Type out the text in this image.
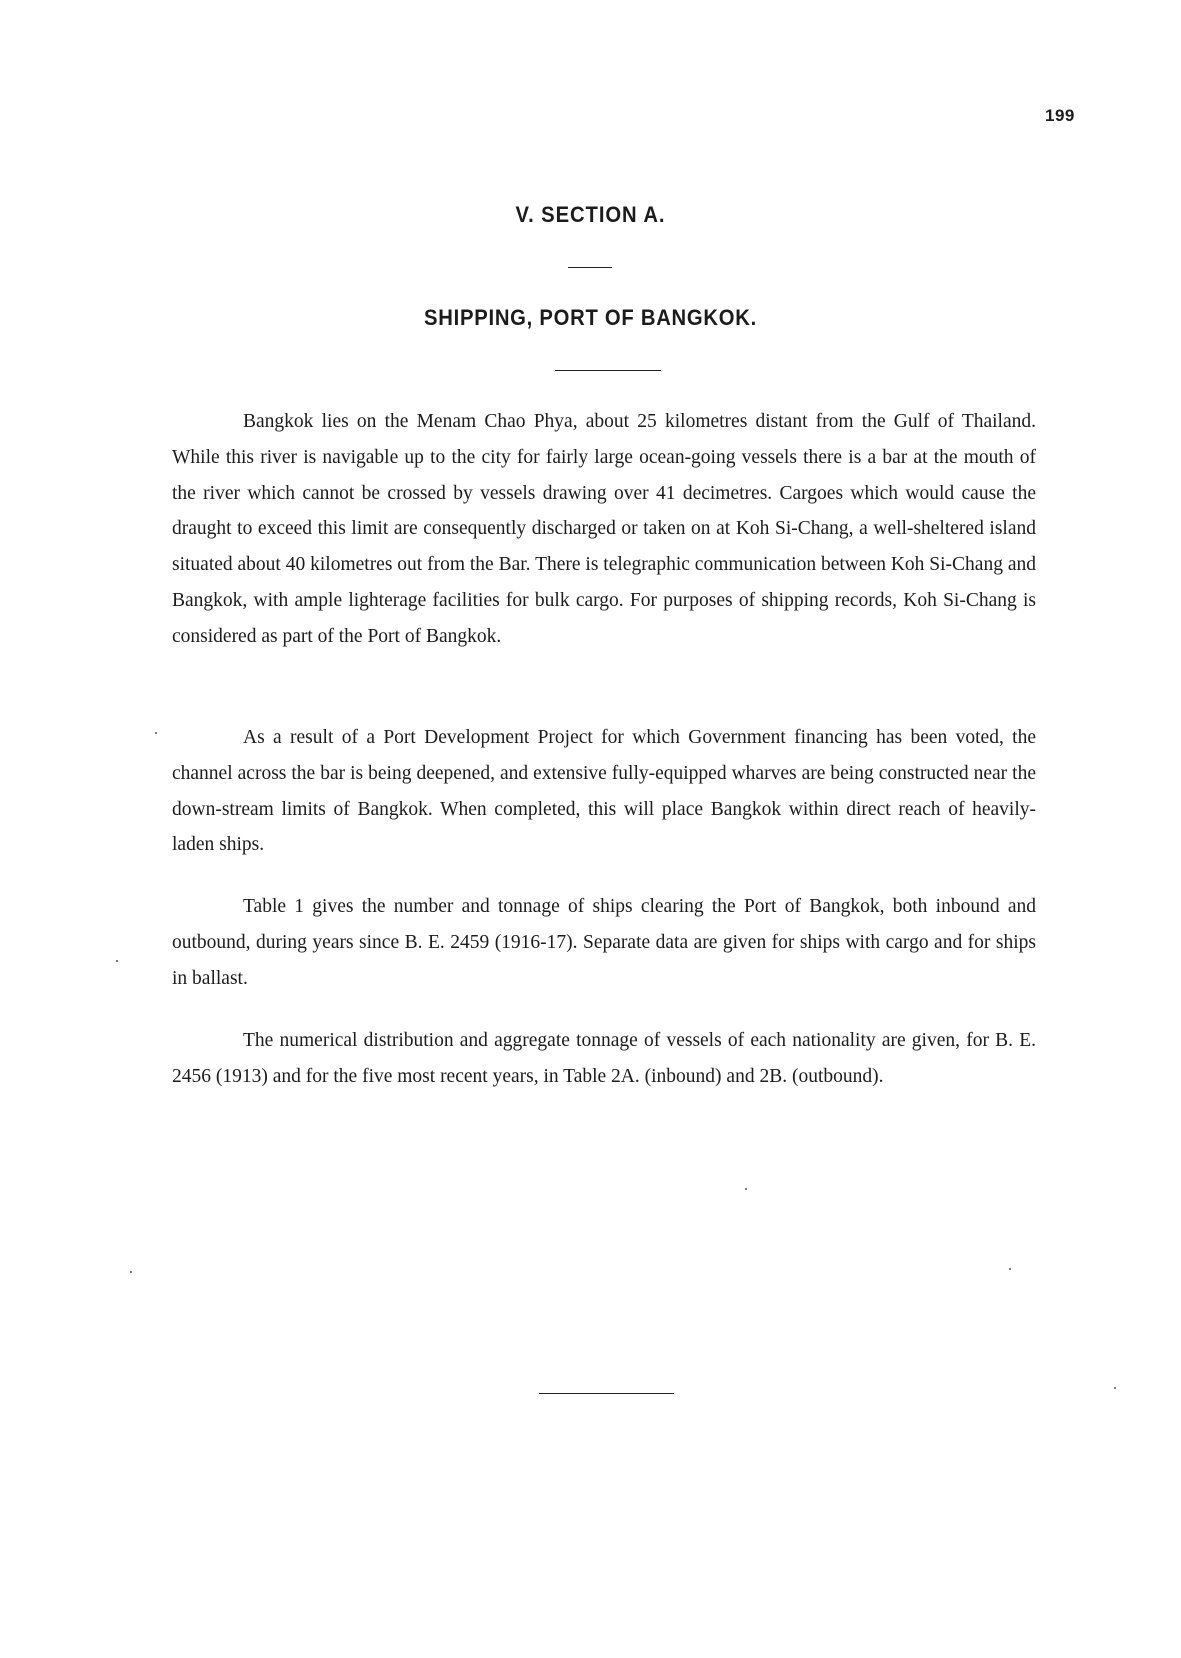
199
V. SECTION A.
SHIPPING, PORT OF BANGKOK.

Bangkok lies on the Menam Chao Phya, about 25 kilometres distant from the Gulf of Thailand. While this river is navigable up to the city for fairly large ocean-going vessels there is a bar at the mouth of the river which cannot be crossed by vessels drawing over 41 decimetres. Cargoes which would cause the draught to exceed this limit are consequently discharged or taken on at Koh Si-Chang, a well-sheltered island situated about 40 kilometres out from the Bar. There is telegraphic communication between Koh Si-Chang and Bangkok, with ample lighterage facilities for bulk cargo. For purposes of shipping records, Koh Si-Chang is considered as part of the Port of Bangkok.

As a result of a Port Development Project for which Government financing has been voted, the channel across the bar is being deepened, and extensive fully-equipped wharves are being constructed near the down-stream limits of Bangkok. When completed, this will place Bangkok within direct reach of heavily-laden ships.

Table 1 gives the number and tonnage of ships clearing the Port of Bangkok, both inbound and outbound, during years since B. E. 2459 (1916-17). Separate data are given for ships with cargo and for ships in ballast.

The numerical distribution and aggregate tonnage of vessels of each nationality are given, for B. E. 2456 (1913) and for the five most recent years, in Table 2A. (inbound) and 2B. (outbound).
